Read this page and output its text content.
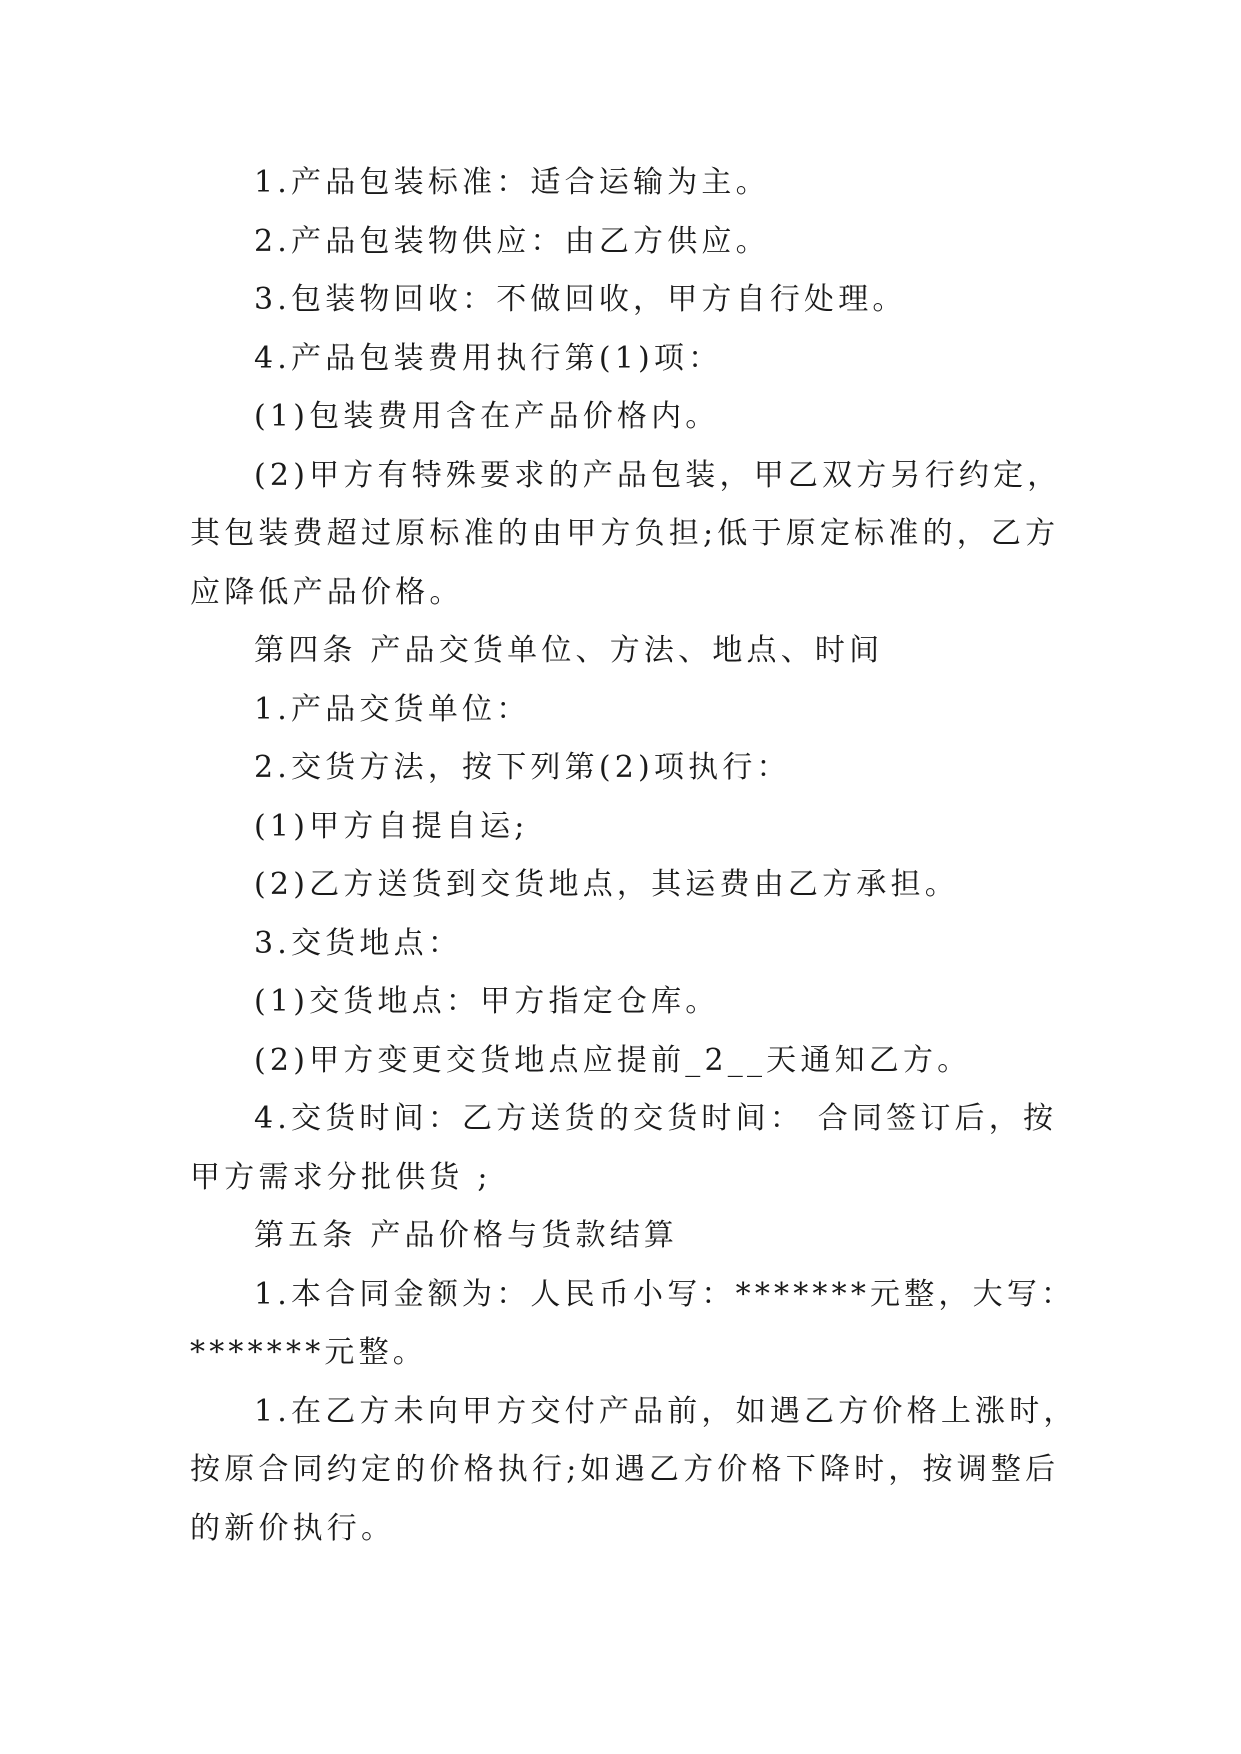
1.产品包装标准：适合运输为主。

2.产品包装物供应：由乙方供应。

3.包装物回收：不做回收，甲方自行处理。

4.产品包装费用执行第(1)项：

(1)包装费用含在产品价格内。

(2)甲方有特殊要求的产品包装，甲乙双方另行约定，

其包装费超过原标准的由甲方负担;低于原定标准的，乙方

应降低产品价格。

第四条 产品交货单位、方法、地点、时间

1.产品交货单位：

2.交货方法，按下列第(2)项执行：

(1)甲方自提自运;

(2)乙方送货到交货地点，其运费由乙方承担。

3.交货地点：

(1)交货地点：甲方指定仓库。

(2)甲方变更交货地点应提前_2__天通知乙方。

4.交货时间：乙方送货的交货时间： 合同签订后，按

甲方需求分批供货 ;

第五条 产品价格与货款结算

1.本合同金额为：人民币小写：*******元整，大写：

*******元整。

1.在乙方未向甲方交付产品前，如遇乙方价格上涨时，

按原合同约定的价格执行;如遇乙方价格下降时，按调整后

的新价执行。
